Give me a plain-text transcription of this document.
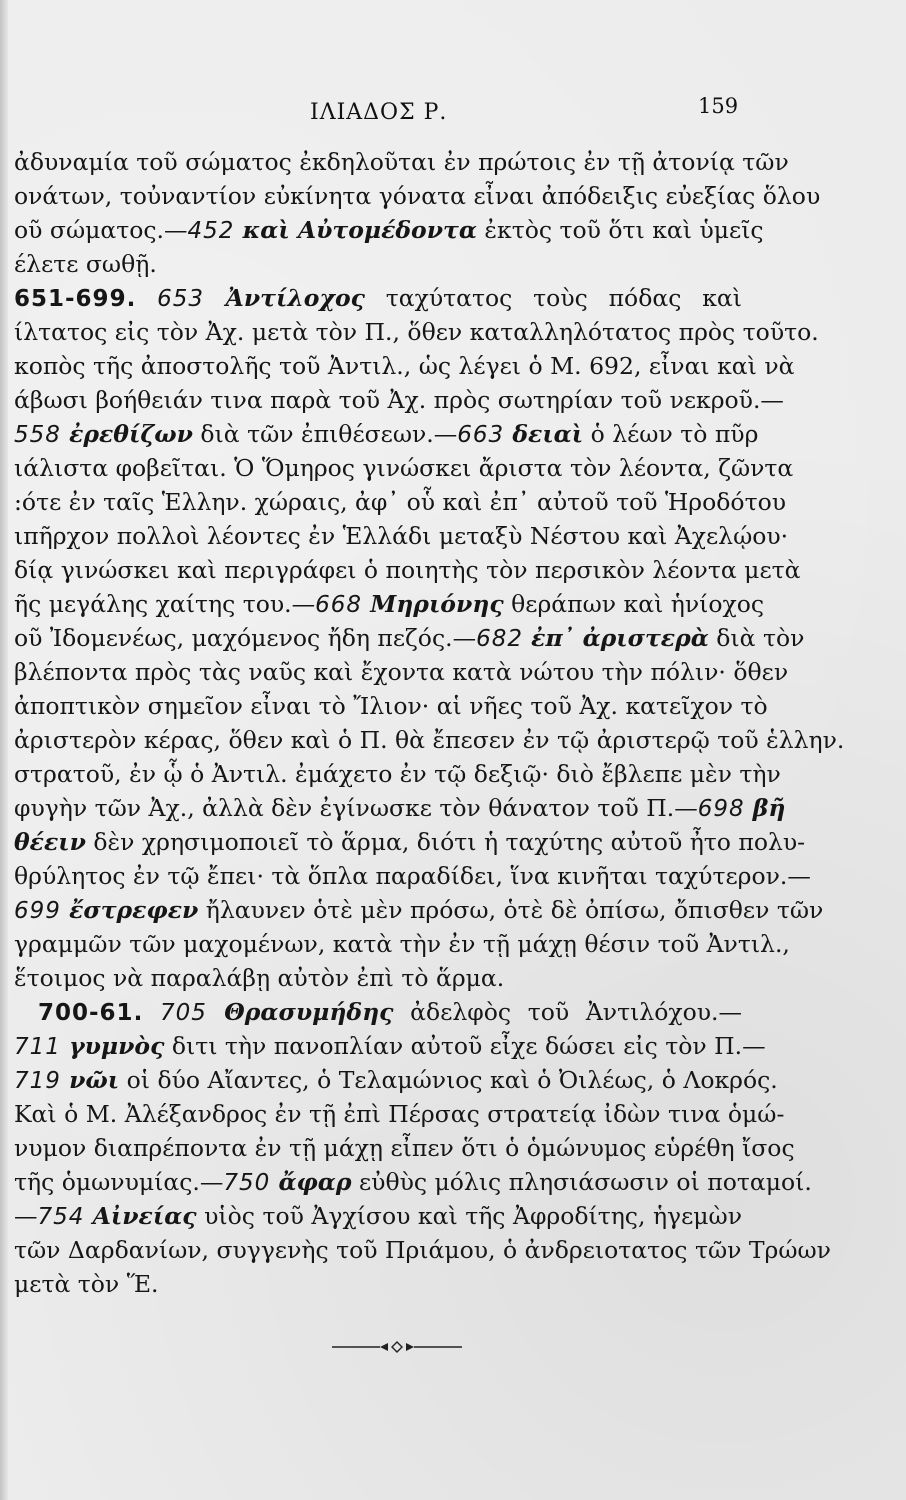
ΙΛΙΑΔΟΣ Ρ.	159
ἀδυναμία τοῦ σώματος ἐκδηλοῦται ἐν πρώτοις ἐν τῇ ἀτονίᾳ τῶν
ονάτων, τοὐναντίον εὐκίνητα γόνατα εἶναι ἀπόδειξις εὐεξίας ὅλου
οῦ σώματος.—452 καὶ Αὐτομέδοντα ἐκτὸς τοῦ ὅτι καὶ ὑμεῖς
έλετε σωθῇ.
651-699. 653 Ἀντίλοχος ταχύτατος τοὺς πόδας καὶ
ίλτατος εἰς τὸν Ἀχ. μετὰ τὸν Π., ὅθεν καταλληλότατος πρὸς τοῦτο.
κοπὸς τῆς ἀποστολῆς τοῦ Ἀντιλ., ὡς λέγει ὁ Μ. 692, εἶναι καὶ νὰ
άβωσι βοήθειάν τινα παρὰ τοῦ Ἀχ. πρὸς σωτηρίαν τοῦ νεκροῦ.—
558 ἐρεθίζων διὰ τῶν ἐπιθέσεων.—663 δειαὶ ὁ λέων τὸ πῦρ
ιάλιστα φοβεῖται. Ὁ Ὅμηρος γινώσκει ἄριστα τὸν λέοντα, ζῶντα
:ότε ἐν ταῖς Ἑλλην. χώραις, ἀφ᾽ οὗ καὶ ἐπ᾽ αὐτοῦ τοῦ Ἡροδότου
ιπῆρχον πολλοὶ λέοντες ἐν Ἑλλάδι μεταξὺ Νέστου καὶ Ἀχελῴου·
δίᾳ γινώσκει καὶ περιγράφει ὁ ποιητὴς τὸν περσικὸν λέοντα μετὰ
ῆς μεγάλης χαίτης του.—668 Μηριόνης θεράπων καὶ ἡνίοχος
οῦ Ἰδομενέως, μαχόμενος ἤδη πεζός.—682 ἐπ᾽ ἀριστερὰ διὰ τὸν
βλέποντα πρὸς τὰς ναῦς καὶ ἔχοντα κατὰ νώτου τὴν πόλιν· ὅθεν
ἀποπτικὸν σημεῖον εἶναι τὸ Ἴλιον· αἱ νῆες τοῦ Ἀχ. κατεῖχον τὸ
ἀριστερὸν κέρας, ὅθεν καὶ ὁ Π. θὰ ἔπεσεν ἐν τῷ ἀριστερῷ τοῦ ἑλλην.
στρατοῦ, ἐν ᾧ ὁ Ἀντιλ. ἐμάχετο ἐν τῷ δεξιῷ· διὸ ἔβλεπε μὲν τὴν
φυγὴν τῶν Ἀχ., ἀλλὰ δὲν ἐγίνωσκε τὸν θάνατον τοῦ Π.—698 βῆ
θέειν δὲν χρησιμοποιεῖ τὸ ἅρμα, διότι ἡ ταχύτης αὐτοῦ ἦτο πολυ-
θρύλητος ἐν τῷ ἔπει· τὰ ὅπλα παραδίδει, ἵνα κινῆται ταχύτερον.—
699 ἔστρεφεν ἤλαυνεν ὁτὲ μὲν πρόσω, ὁτὲ δὲ ὀπίσω, ὄπισθεν τῶν
γραμμῶν τῶν μαχομένων, κατὰ τὴν ἐν τῇ μάχῃ θέσιν τοῦ Ἀντιλ.,
ἕτοιμος νὰ παραλάβῃ αὐτὸν ἐπὶ τὸ ἅρμα.
700-61. 705 Θρασυμήδης ἀδελφὸς τοῦ Ἀντιλόχου.—
711 γυμνὸς διτι τὴν πανοπλίαν αὐτοῦ εἶχε δώσει εἰς τὸν Π.—
719 νῶι οἱ δύο Αἴαντες, ὁ Τελαμώνιος καὶ ὁ Ὀιλέως, ὁ Λοκρός.
Καὶ ὁ Μ. Ἀλέξανδρος ἐν τῇ ἐπὶ Πέρσας στρατείᾳ ἰδὼν τινα ὁμώ-
νυμον διαπρέποντα ἐν τῇ μάχῃ εἶπεν ὅτι ὁ ὁμώνυμος εὑρέθη ἴσος
τῆς ὁμωνυμίας.—750 ἄφαρ εὐθὺς μόλις πλησιάσωσιν οἱ ποταμοί.
—754 Αἰνείας υἱὸς τοῦ Ἀγχίσου καὶ τῆς Ἀφροδίτης, ἡγεμὼν
τῶν Δαρδανίων, συγγενὴς τοῦ Πριάμου, ὁ ἀνδρειοτατος τῶν Τρώων
μετὰ τὸν Ἕ.
